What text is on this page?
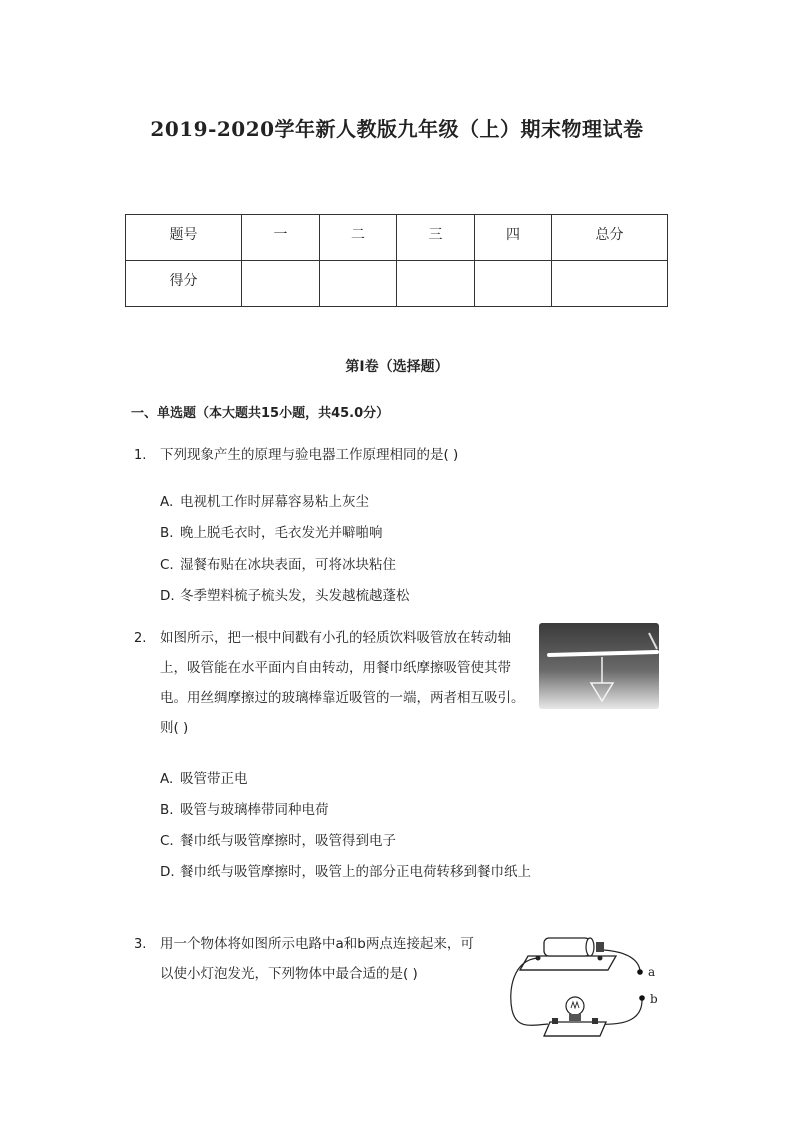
2019-2020学年新人教版九年级（上）期末物理试卷
题号	一	二	三	四	总分
得分					
第I卷（选择题）
一、单选题（本大题共15小题，共45.0分）
1. 下列现象产生的原理与验电器工作原理相同的是( )
A. 电视机工作时屏幕容易粘上灰尘
B. 晚上脱毛衣时，毛衣发光并噼啪响
C. 湿餐布贴在冰块表面，可将冰块粘住
D. 冬季塑料梳子梳头发，头发越梳越蓬松
2. 如图所示，把一根中间戳有小孔的轻质饮料吸管放在转动轴
上，吸管能在水平面内自由转动，用餐巾纸摩擦吸管使其带
电。用丝绸摩擦过的玻璃棒靠近吸管的一端，两者相互吸引。
则( )
A. 吸管带正电
B. 吸管与玻璃棒带同种电荷
C. 餐巾纸与吸管摩擦时，吸管得到电子
D. 餐巾纸与吸管摩擦时，吸管上的部分正电荷转移到餐巾纸上
3. 用一个物体将如图所示电路中a和b两点连接起来，可
以使小灯泡发光，下列物体中最合适的是( )	a
b
